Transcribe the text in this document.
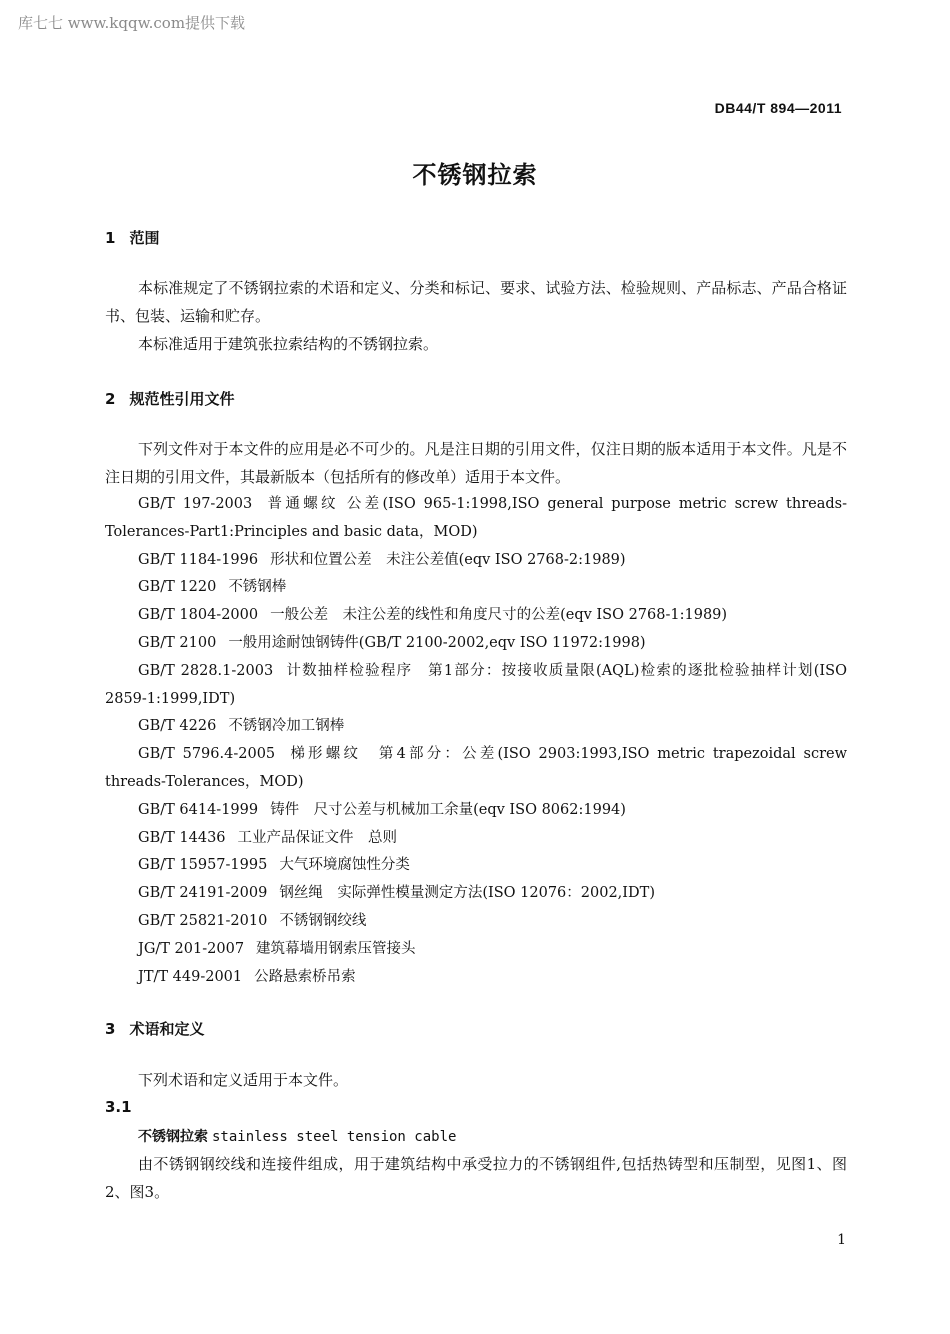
库七七 www.kqqw.com提供下载
DB44/T 894—2011
不锈钢拉索
1 范围

本标准规定了不锈钢拉索的术语和定义、分类和标记、要求、试验方法、检验规则、产品标志、产品合格证书、包装、运输和贮存。

本标准适用于建筑张拉索结构的不锈钢拉索。

2 规范性引用文件

下列文件对于本文件的应用是必不可少的。凡是注日期的引用文件，仅注日期的版本适用于本文件。凡是不注日期的引用文件，其最新版本（包括所有的修改单）适用于本文件。

GB/T 197-2003 普通螺纹 公差(ISO 965-1:1998,ISO general purpose metric screw threads-Tolerances-Part1:Principles and basic data，MOD)
GB/T 1184-1996 形状和位置公差　未注公差值(eqv ISO 2768-2:1989)
GB/T 1220 不锈钢棒
GB/T 1804-2000 一般公差　未注公差的线性和角度尺寸的公差(eqv ISO 2768-1:1989)
GB/T 2100 一般用途耐蚀钢铸件(GB/T 2100-2002,eqv ISO 11972:1998)
GB/T 2828.1-2003 计数抽样检验程序　第1部分：按接收质量限(AQL)检索的逐批检验抽样计划(ISO 2859-1:1999,IDT)
GB/T 4226 不锈钢冷加工钢棒
GB/T 5796.4-2005 梯形螺纹　第4部分：公差(ISO 2903:1993,ISO metric trapezoidal screw threads-Tolerances，MOD)
GB/T 6414-1999 铸件　尺寸公差与机械加工余量(eqv ISO 8062:1994)
GB/T 14436 工业产品保证文件　总则
GB/T 15957-1995 大气环境腐蚀性分类
GB/T 24191-2009 钢丝绳　实际弹性模量测定方法(ISO 12076：2002,IDT)
GB/T 25821-2010 不锈钢钢绞线
JG/T 201-2007 建筑幕墙用钢索压管接头
JT/T 449-2001 公路悬索桥吊索
3 术语和定义

下列术语和定义适用于本文件。

3.1
不锈钢拉索 stainless steel tension cable

由不锈钢钢绞线和连接件组成，用于建筑结构中承受拉力的不锈钢组件,包括热铸型和压制型，见图1、图2、图3。

1
